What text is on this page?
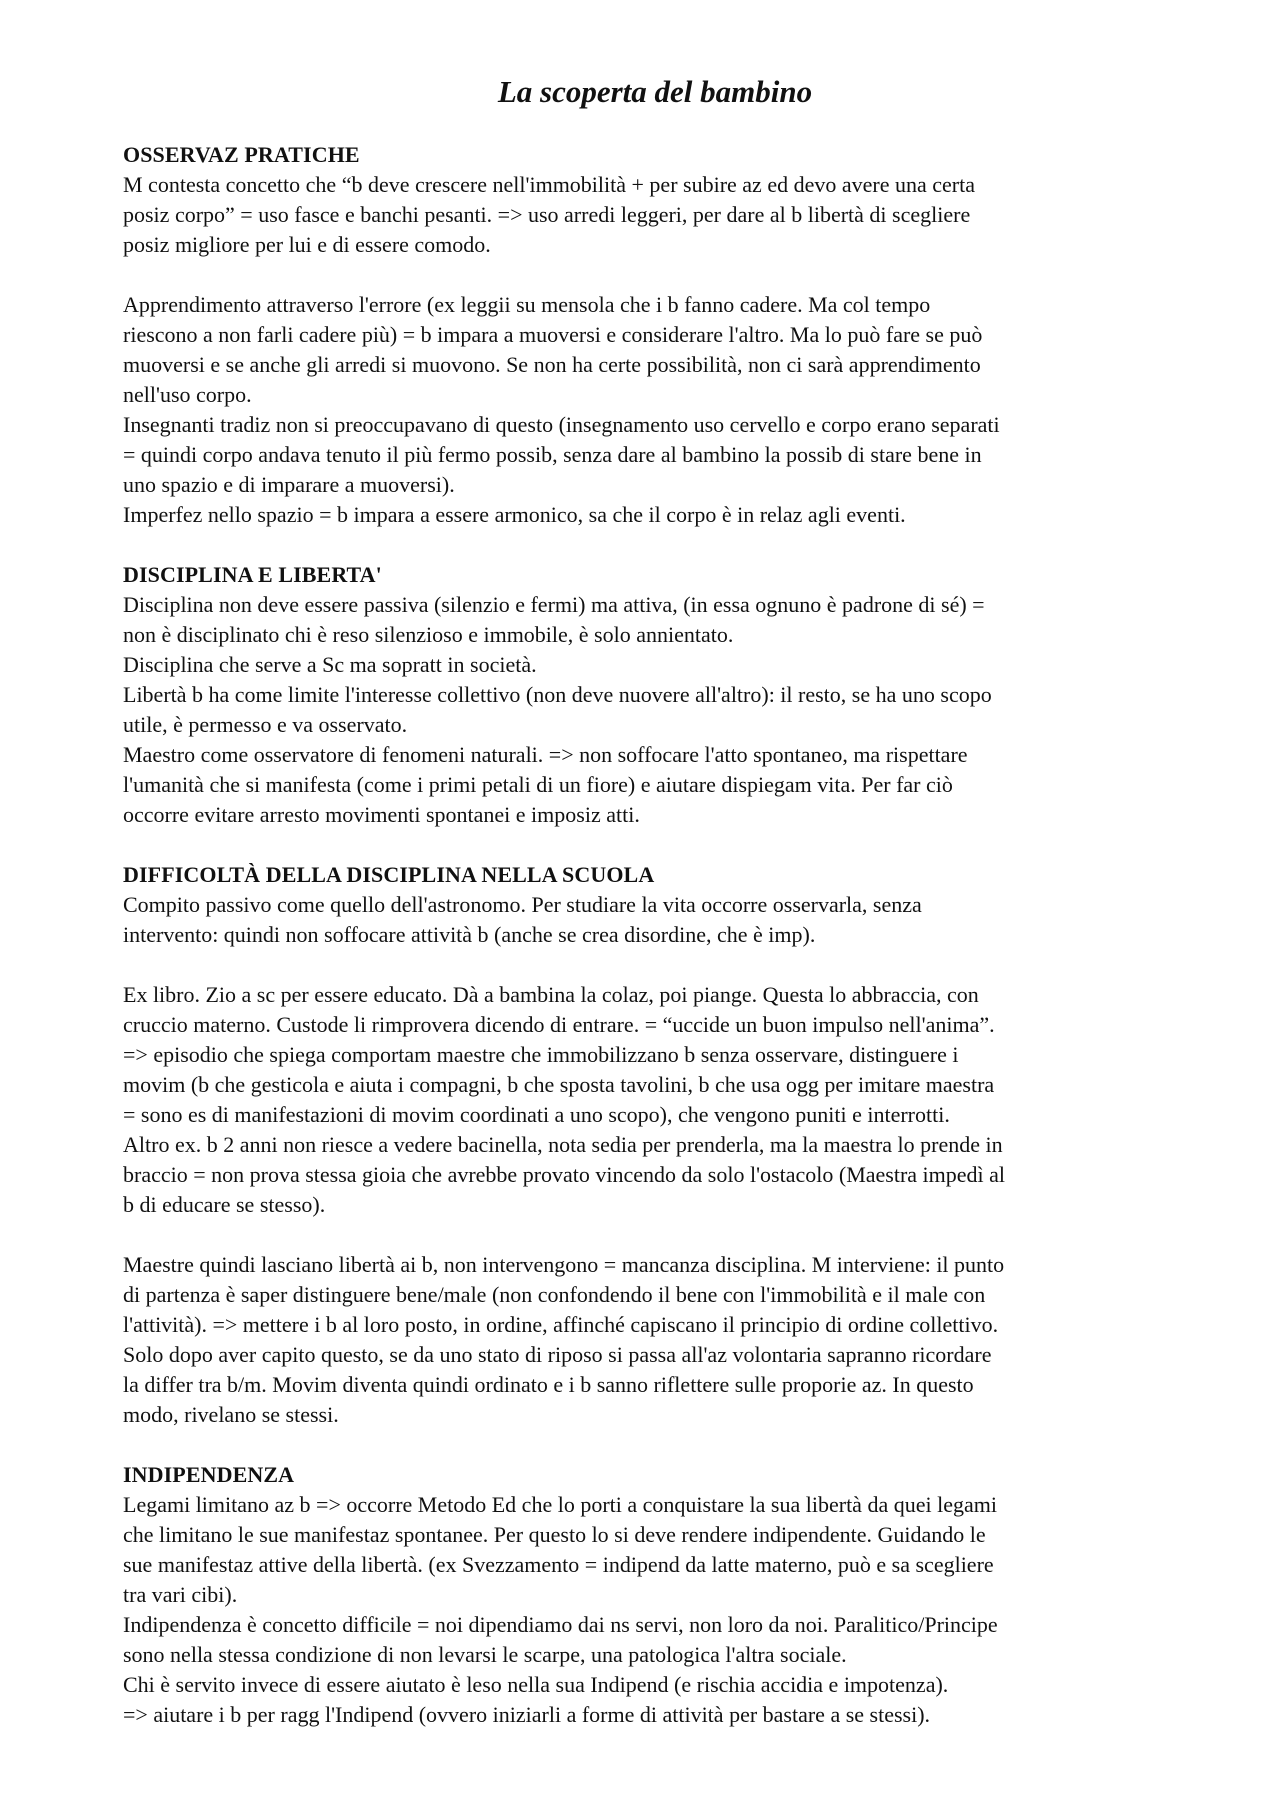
La scoperta del bambino
OSSERVAZ PRATICHE

M contesta concetto che “b deve crescere nell'immobilità + per subire az ed devo avere una certa
posiz corpo” = uso fasce e banchi pesanti. => uso arredi leggeri, per dare al b libertà di scegliere
posiz migliore per lui e di essere comodo.

Apprendimento attraverso l'errore (ex leggii su mensola che i b fanno cadere. Ma col tempo
riescono a non farli cadere più) = b impara a muoversi e considerare l'altro. Ma lo può fare se può
muoversi e se anche gli arredi si muovono. Se non ha certe possibilità, non ci sarà apprendimento
nell'uso corpo.
Insegnanti tradiz non si preoccupavano di questo (insegnamento uso cervello e corpo erano separati
= quindi corpo andava tenuto il più fermo possib, senza dare al bambino la possib di stare bene in
uno spazio e di imparare a muoversi).
Imperfez nello spazio = b impara a essere armonico, sa che il corpo è in relaz agli eventi.

DISCIPLINA E LIBERTA'

Disciplina non deve essere passiva (silenzio e fermi) ma attiva, (in essa ognuno è padrone di sé) =
non è disciplinato chi è reso silenzioso e immobile, è solo annientato.
Disciplina che serve a Sc ma sopratt in società.
Libertà b ha come limite l'interesse collettivo (non deve nuovere all'altro): il resto, se ha uno scopo
utile, è permesso e va osservato.
Maestro come osservatore di fenomeni naturali. => non soffocare l'atto spontaneo, ma rispettare
l'umanità che si manifesta (come i primi petali di un fiore) e aiutare dispiegam vita. Per far ciò
occorre evitare arresto movimenti spontanei e imposiz atti.

DIFFICOLTÀ DELLA DISCIPLINA NELLA SCUOLA

Compito passivo come quello dell'astronomo. Per studiare la vita occorre osservarla, senza
intervento: quindi non soffocare attività b (anche se crea disordine, che è imp).

Ex libro. Zio a sc per essere educato. Dà a bambina la colaz, poi piange. Questa lo abbraccia, con
cruccio materno. Custode li rimprovera dicendo di entrare. = “uccide un buon impulso nell'anima”.
=> episodio che spiega comportam maestre che immobilizzano b senza osservare, distinguere i
movim (b che gesticola e aiuta i compagni, b che sposta tavolini, b che usa ogg per imitare maestra
= sono es di manifestazioni di movim coordinati a uno scopo), che vengono puniti e interrotti.
Altro ex. b 2 anni non riesce a vedere bacinella, nota sedia per prenderla, ma la maestra lo prende in
braccio = non prova stessa gioia che avrebbe provato vincendo da solo l'ostacolo (Maestra impedì al
b di educare se stesso).

Maestre quindi lasciano libertà ai b, non intervengono = mancanza disciplina. M interviene: il punto
di partenza è saper distinguere bene/male (non confondendo il bene con l'immobilità e il male con
l'attività). => mettere i b al loro posto, in ordine, affinché capiscano il principio di ordine collettivo.
Solo dopo aver capito questo, se da uno stato di riposo si passa all'az volontaria sapranno ricordare
la differ tra b/m. Movim diventa quindi ordinato e i b sanno riflettere sulle proporie az. In questo
modo, rivelano se stessi.

INDIPENDENZA

Legami limitano az b => occorre Metodo Ed che lo porti a conquistare la sua libertà da quei legami
che limitano le sue manifestaz spontanee. Per questo lo si deve rendere indipendente. Guidando le
sue manifestaz attive della libertà. (ex Svezzamento = indipend da latte materno, può e sa scegliere
tra vari cibi).
Indipendenza è concetto difficile = noi dipendiamo dai ns servi, non loro da noi. Paralitico/Principe
sono nella stessa condizione di non levarsi le scarpe, una patologica l'altra sociale.
Chi è servito invece di essere aiutato è leso nella sua Indipend (e rischia accidia e impotenza).
=> aiutare i b per ragg l'Indipend (ovvero iniziarli a forme di attività per bastare a se stessi).
